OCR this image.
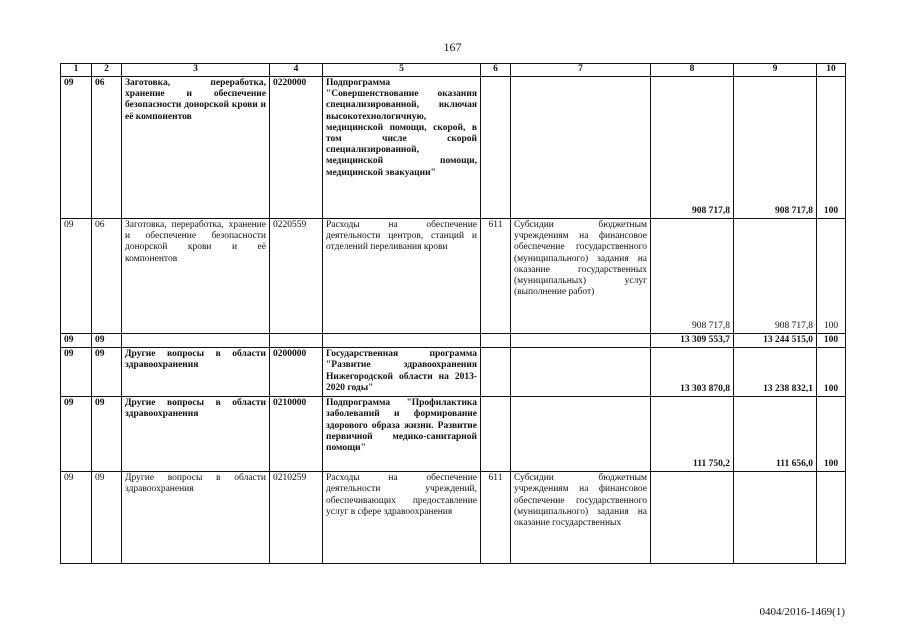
167
1	2	3	4	5	6	7	8	9	10
09	06	Заготовка, переработка, хранение и обеспечение безопасности донорской крови и её компонентов	0220000	Подпрограмма "Совершенствование оказания специализированной, включая высокотехнологичную, медицинской помощи, скорой, в том числе скорой специализированной, медицинской помощи, медицинской эвакуации"			908 717,8	908 717,8	100
09	06	Заготовка, переработка, хранение и обеспечение безопасности донорской крови и её компонентов	0220559	Расходы на обеспечение деятельности центров, станций и отделений переливания крови	611	Субсидии бюджетным учреждениям на финансовое обеспечение государственного (муниципального) задания на оказание государственных (муниципальных) услуг (выполнение работ)	908 717,8	908 717,8	100
09	09						13 309 553,7	13 244 515,0	100
09	09	Другие вопросы в области здравоохранения	0200000	Государственная программа "Развитие здравоохранения Нижегородской области на 2013-2020 годы"			13 303 870,8	13 238 832,1	100
09	09	Другие вопросы в области здравоохранения	0210000	Подпрограмма "Профилактика заболеваний и формирование здорового образа жизни. Развитие первичной медико-санитарной помощи"			111 750,2	111 656,0	100
09	09	Другие вопросы в области здравоохранения	0210259	Расходы на обеспечение деятельности учреждений, обеспечивающих предоставление услуг в сфере здравоохранения	611	Субсидии бюджетным учреждениям на финансовое обеспечение государственного (муниципального) задания на оказание государственных			
0404/2016-1469(1)
